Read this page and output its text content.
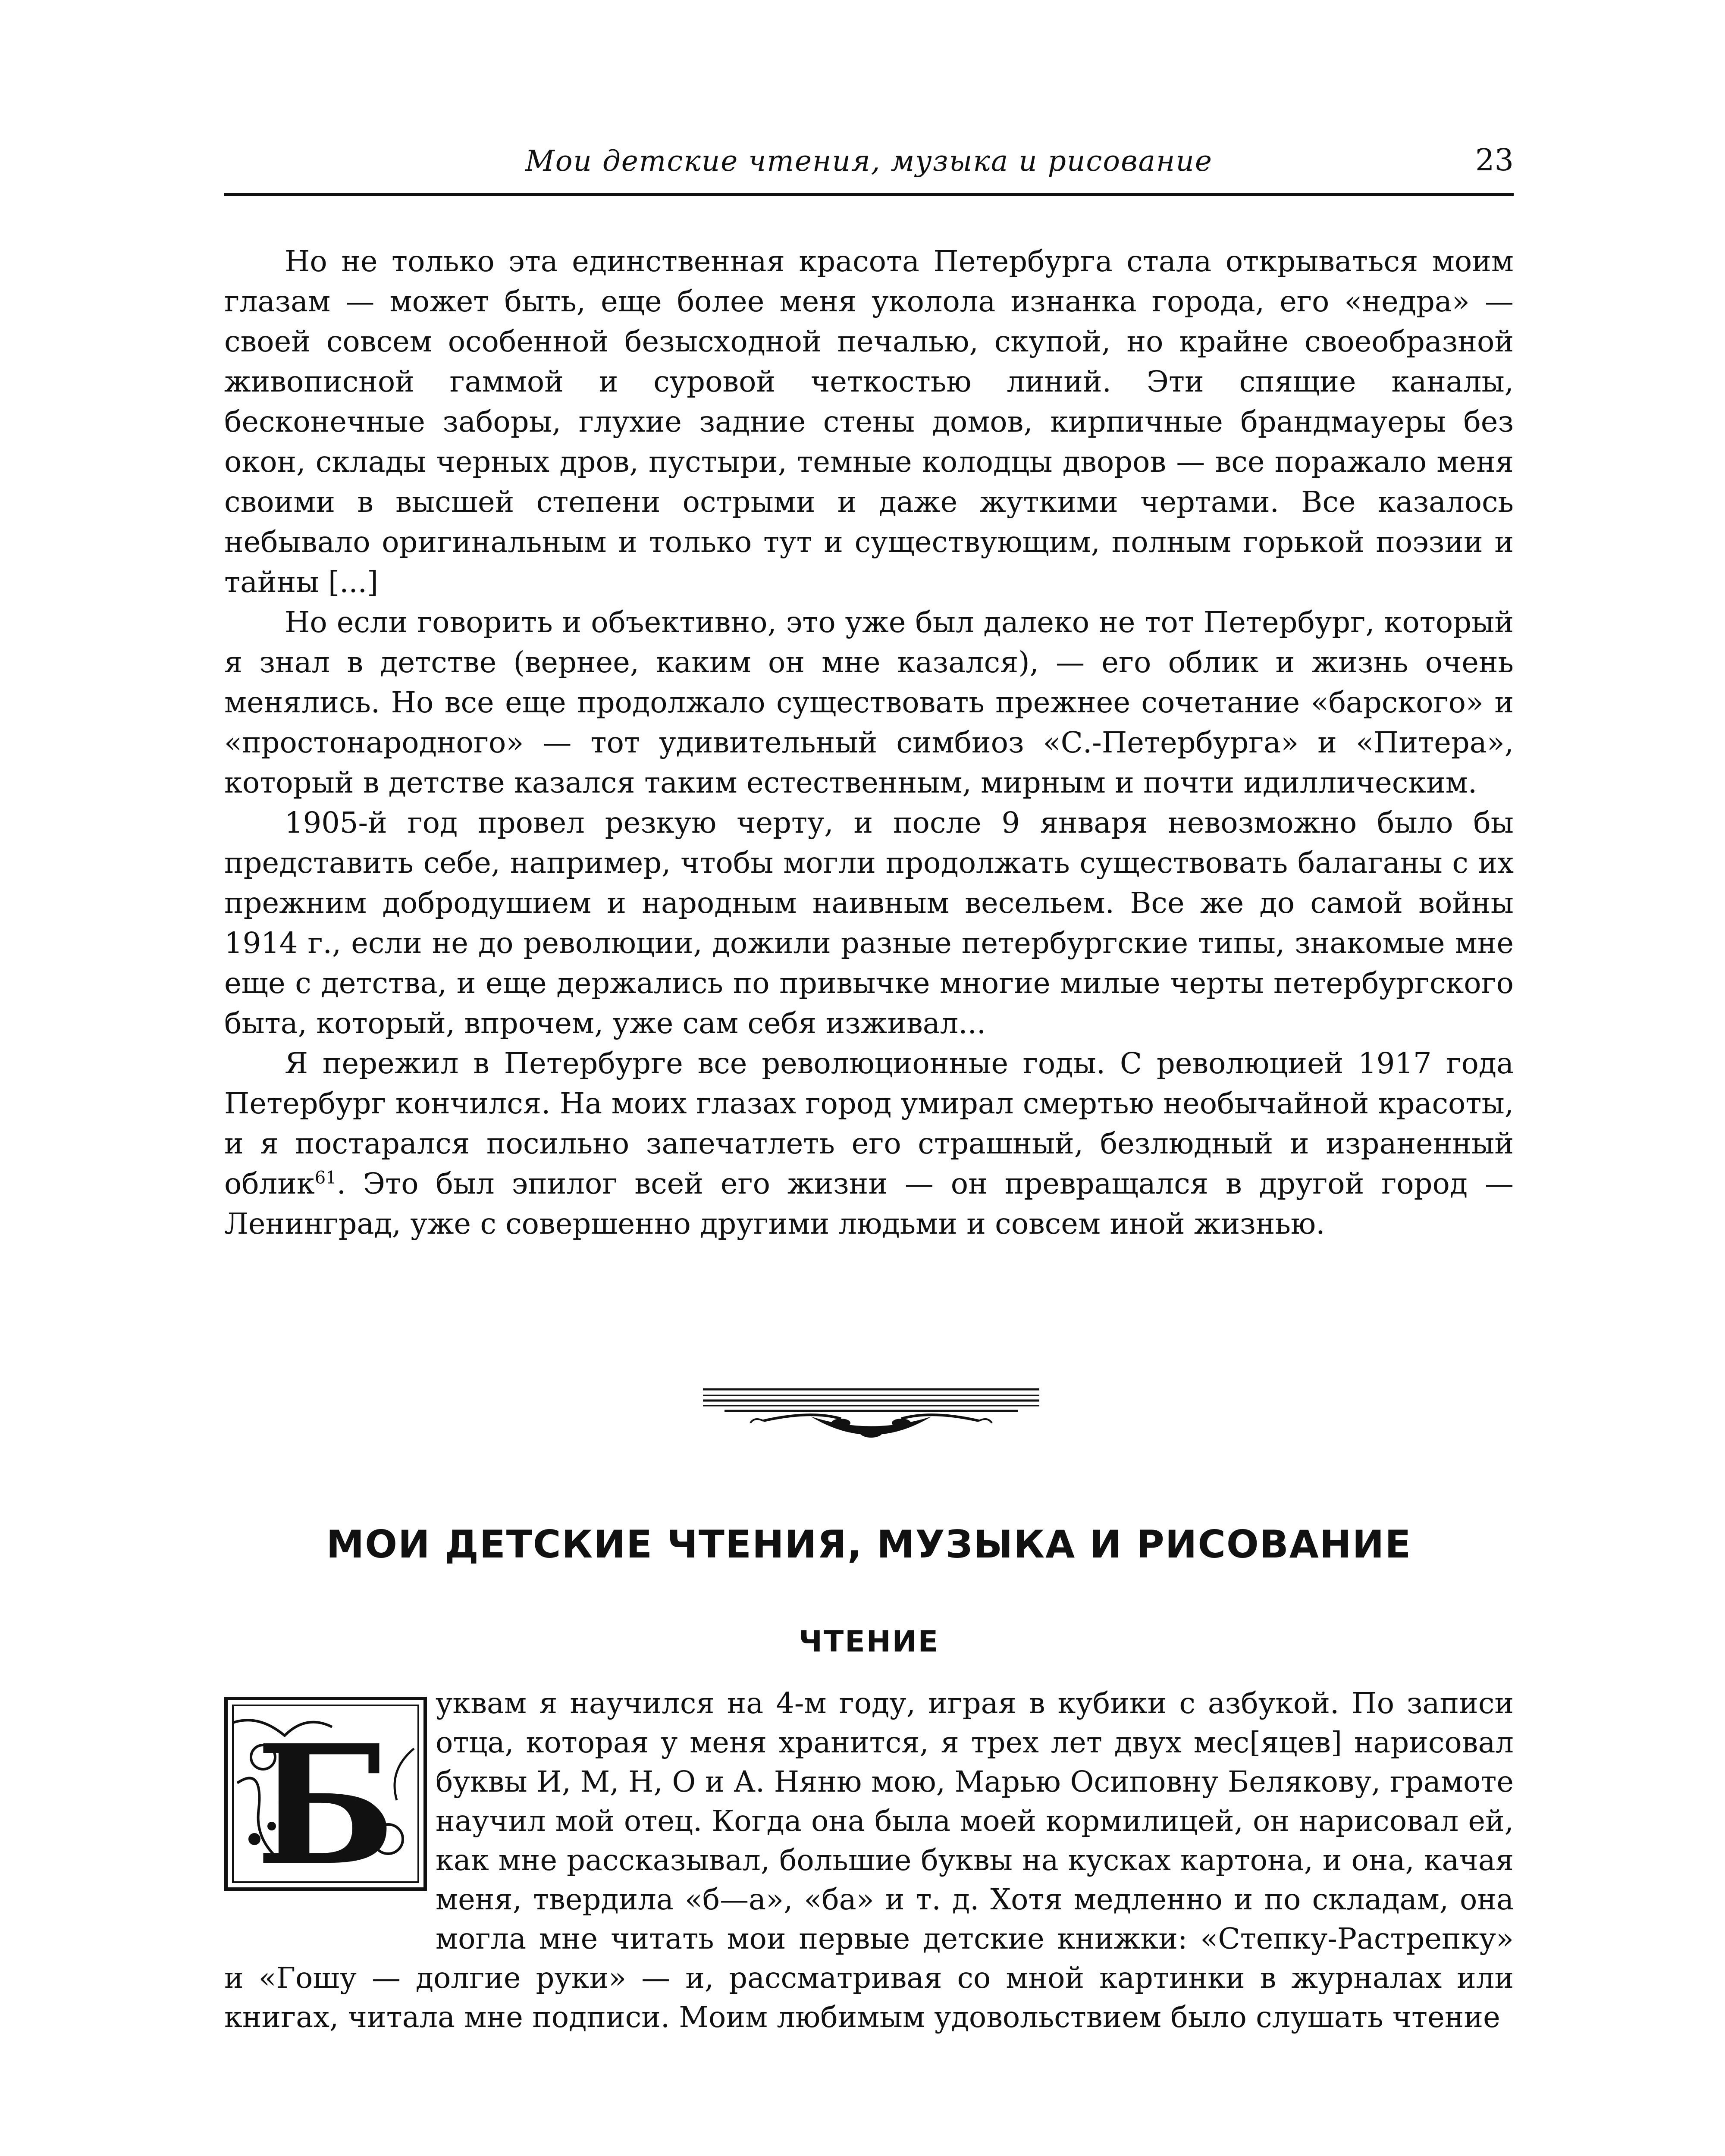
Мои детские чтения, музыка и рисование	23

Но не только эта единственная красота Петербурга стала открываться моим глазам — может быть, еще более меня уколола изнанка города, его «недра» — своей совсем особенной безысходной печалью, скупой, но крайне своеобразной живописной гаммой и суровой четкостью линий. Эти спящие каналы, бесконечные заборы, глухие задние стены домов, кирпичные брандмауеры без окон, склады черных дров, пустыри, темные колодцы дворов — все поражало меня своими в высшей степени острыми и даже жуткими чертами. Все казалось небывало оригинальным и только тут и существующим, полным горькой поэзии и тайны [...]

Но если говорить и объективно, это уже был далеко не тот Петербург, который я знал в детстве (вернее, каким он мне казался), — его облик и жизнь очень менялись. Но все еще продолжало существовать прежнее сочетание «барского» и «простонародного» — тот удивительный симбиоз «С.-Петербурга» и «Питера», который в детстве казался таким естественным, мирным и почти идиллическим.

1905-й год провел резкую черту, и после 9 января невозможно было бы представить себе, например, чтобы могли продолжать существовать балаганы с их прежним добродушием и народным наивным весельем. Все же до самой войны 1914 г., если не до революции, дожили разные петербургские типы, знакомые мне еще с детства, и еще держались по привычке многие милые черты петербургского быта, который, впрочем, уже сам себя изживал...

Я пережил в Петербурге все революционные годы. С революцией 1917 года Петербург кончился. На моих глазах город умирал смертью необычайной красоты, и я постарался посильно запечатлеть его страшный, безлюдный и израненный облик$^{61}$. Это был эпилог всей его жизни — он превращался в другой город — Ленинград, уже с совершенно другими людьми и совсем иной жизнью.

МОИ ДЕТСКИЕ ЧТЕНИЯ, МУЗЫКА И РИСОВАНИЕ
ЧТЕНИЕ
Б

уквам я научился на 4-м году, играя в кубики с азбукой. По записи отца, которая у меня хранится, я трех лет двух мес[яцев] нарисовал буквы И, М, Н, О и А. Няню мою, Марью Осиповну Белякову, грамоте научил мой отец. Когда она была моей кормилицей, он нарисовал ей, как мне рассказывал, большие буквы на кусках картона, и она, качая меня, твердила «б—а», «ба» и т. д. Хотя медленно и по складам, она могла мне читать мои первые детские книжки: «Степку-Растрепку» и «Гошу — долгие руки» — и, рассматривая со мной картинки в журналах или книгах, читала мне подписи. Моим любимым удовольствием было слушать чтение
